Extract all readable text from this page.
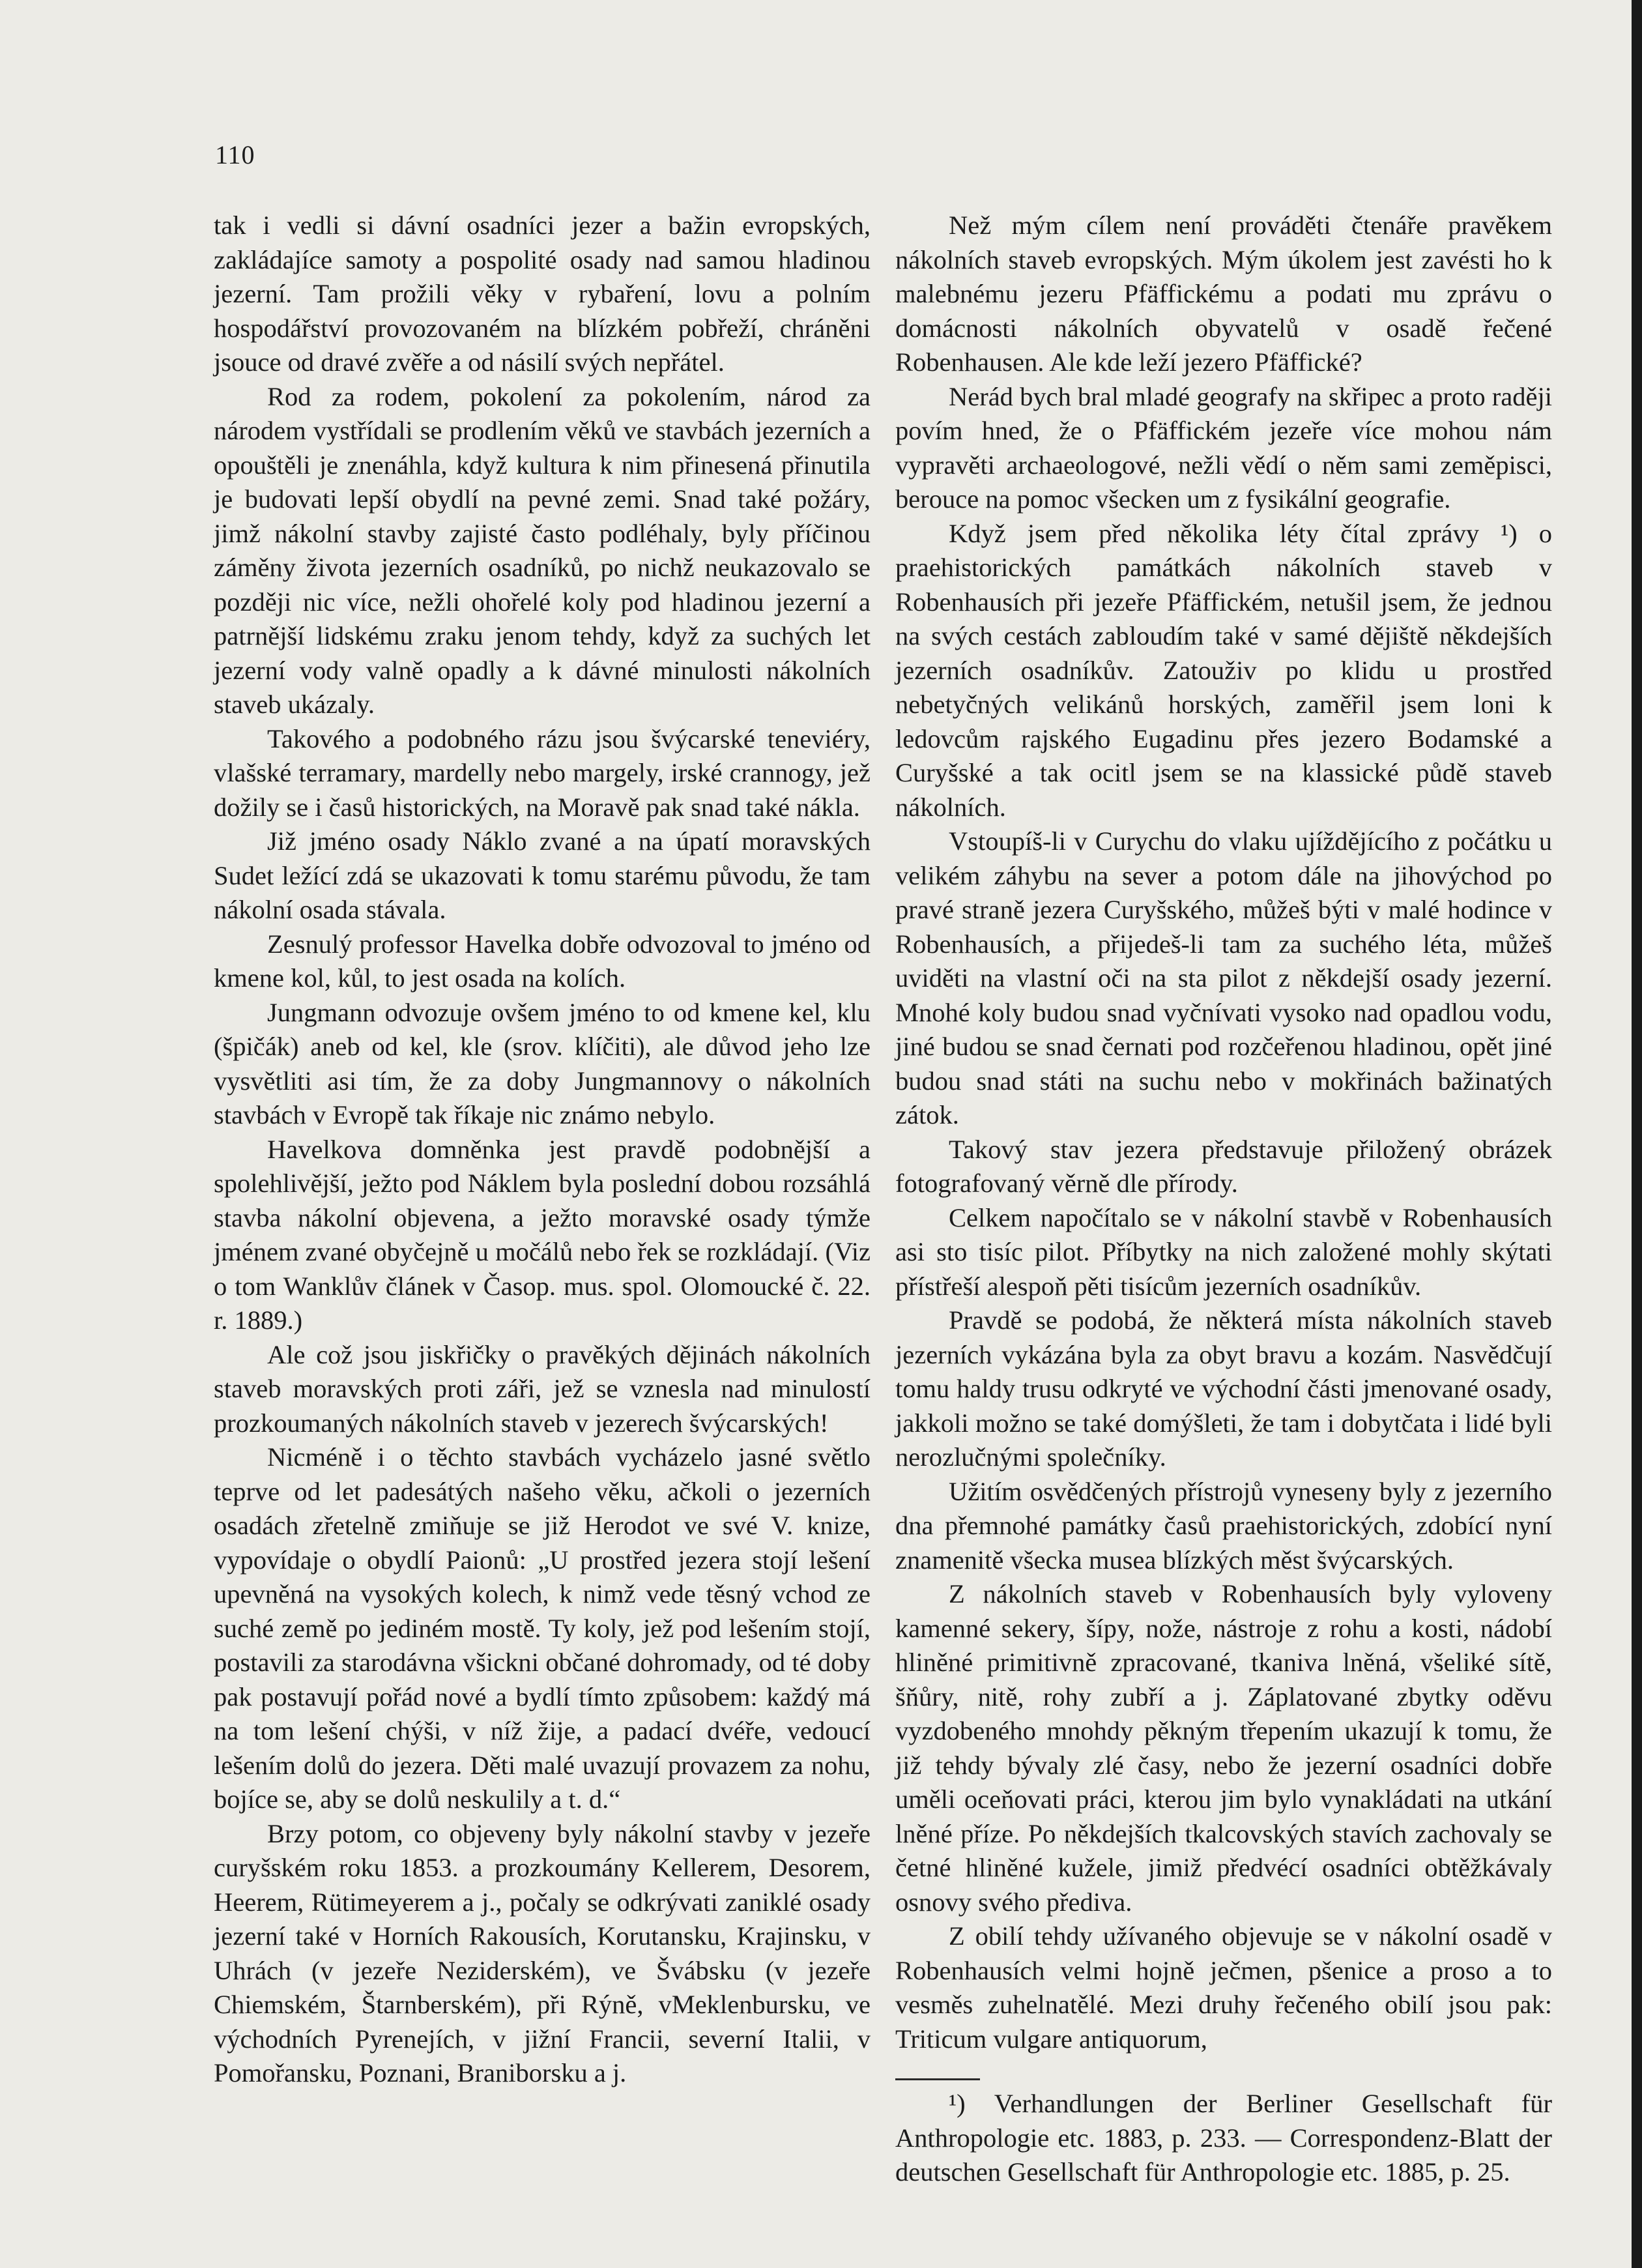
110

tak i vedli si dávní osadníci jezer a bažin evropských, zakládajíce samoty a pospolité osady nad samou hladinou jezerní. Tam prožili věky v rybaření, lovu a polním hospodářství provozovaném na blízkém pobřeží, chráněni jsouce od dravé zvěře a od násilí svých nepřátel.

Rod za rodem, pokolení za pokolením, národ za národem vystřídali se prodlením věků ve stavbách jezerních a opouštěli je znenáhla, když kultura k nim přinesená přinutila je budovati lepší obydlí na pevné zemi. Snad také požáry, jimž nákolní stavby zajisté často podléhaly, byly příčinou záměny života jezerních osadníků, po nichž neukazovalo se později nic více, nežli ohořelé koly pod hladinou jezerní a patrnější lidskému zraku jenom tehdy, když za suchých let jezerní vody valně opadly a k dávné minulosti nákolních staveb ukázaly.

Takového a podobného rázu jsou švýcarské teneviéry, vlašské terramary, mardelly nebo margely, irské crannogy, jež dožily se i časů historických, na Moravě pak snad také nákla.

Již jméno osady Náklo zvané a na úpatí moravských Sudet ležící zdá se ukazovati k tomu starému původu, že tam nákolní osada stávala.

Zesnulý professor Havelka dobře odvozoval to jméno od kmene kol, kůl, to jest osada na kolích.

Jungmann odvozuje ovšem jméno to od kmene kel, klu (špičák) aneb od kel, kle (srov. klíčiti), ale důvod jeho lze vysvětliti asi tím, že za doby Jungmannovy o nákolních stavbách v Evropě tak říkaje nic známo nebylo.

Havelkova domněnka jest pravdě podobnější a spolehlivější, ježto pod Náklem byla poslední dobou rozsáhlá stavba nákolní objevena, a ježto moravské osady týmže jménem zvané obyčejně u močálů nebo řek se rozkládají. (Viz o tom Wanklův článek v Časop. mus. spol. Olomoucké č. 22. r. 1889.)

Ale což jsou jiskřičky o pravěkých dějinách nákolních staveb moravských proti záři, jež se vznesla nad minulostí prozkoumaných nákolních staveb v jezerech švýcarských!

Nicméně i o těchto stavbách vycházelo jasné světlo teprve od let padesátých našeho věku, ačkoli o jezerních osadách zřetelně zmiňuje se již Herodot ve své V. knize, vypovídaje o obydlí Paionů: „U prostřed jezera stojí lešení upevněná na vysokých kolech, k nimž vede těsný vchod ze suché země po jediném mostě. Ty koly, jež pod lešením stojí, postavili za starodávna všickni občané dohromady, od té doby pak postavují pořád nové a bydlí tímto způsobem: každý má na tom lešení chýši, v níž žije, a padací dvéře, vedoucí lešením dolů do jezera. Děti malé uvazují provazem za nohu, bojíce se, aby se dolů neskulily a t. d.“

Brzy potom, co objeveny byly nákolní stavby v jezeře curyšském roku 1853. a prozkoumány Kellerem, Desorem, Heerem, Rütimeyerem a j., počaly se odkrývati zaniklé osady jezerní také v Horních Rakousích, Korutansku, Krajinsku, v Uhrách (v jezeře Neziderském), ve Švábsku (v jezeře Chiemském, Štarnberském), při Rýně, vMeklenbursku, ve východních Pyrenejích, v jižní Francii, severní Italii, v Pomořansku, Poznani, Braniborsku a j.

Než mým cílem není prováděti čtenáře pravěkem nákolních staveb evropských. Mým úkolem jest zavésti ho k malebnému jezeru Pfäffickému a podati mu zprávu o domácnosti nákolních obyvatelů v osadě řečené Robenhausen. Ale kde leží jezero Pfäffické?

Nerád bych bral mladé geografy na skřipec a proto raději povím hned, že o Pfäffickém jezeře více mohou nám vypravěti archaeologové, nežli vědí o něm sami zeměpisci, berouce na pomoc všecken um z fysikální geografie.

Když jsem před několika léty čítal zprávy ¹) o praehistorických památkách nákolních staveb v Robenhausích při jezeře Pfäffickém, netušil jsem, že jednou na svých cestách zabloudím také v samé dějiště někdejších jezerních osadníkův. Zatouživ po klidu u prostřed nebetyčných velikánů horských, zaměřil jsem loni k ledovcům rajského Eugadinu přes jezero Bodamské a Curyšské a tak ocitl jsem se na klassické půdě staveb nákolních.

Vstoupíš-li v Curychu do vlaku ujíždějícího z počátku u velikém záhybu na sever a potom dále na jihovýchod po pravé straně jezera Curyšského, můžeš býti v malé hodince v Robenhausích, a přijedeš-li tam za suchého léta, můžeš uviděti na vlastní oči na sta pilot z někdejší osady jezerní. Mnohé koly budou snad vyčnívati vysoko nad opadlou vodu, jiné budou se snad černati pod rozčeřenou hladinou, opět jiné budou snad státi na suchu nebo v mokřinách bažinatých zátok.

Takový stav jezera představuje přiložený obrázek fotografovaný věrně dle přírody.

Celkem napočítalo se v nákolní stavbě v Robenhausích asi sto tisíc pilot. Příbytky na nich založené mohly skýtati přístřeší alespoň pěti tisícům jezerních osadníkův.

Pravdě se podobá, že některá místa nákolních staveb jezerních vykázána byla za obyt bravu a kozám. Nasvědčují tomu haldy trusu odkryté ve východní části jmenované osady, jakkoli možno se také domýšleti, že tam i dobytčata i lidé byli nerozlučnými společníky.

Užitím osvědčených přístrojů vyneseny byly z jezerního dna přemnohé památky časů praehistorických, zdobící nyní znamenitě všecka musea blízkých měst švýcarských.

Z nákolních staveb v Robenhausích byly vyloveny kamenné sekery, šípy, nože, nástroje z rohu a kosti, nádobí hliněné primitivně zpracované, tkaniva lněná, všeliké sítě, šňůry, nitě, rohy zubří a j. Záplatované zbytky oděvu vyzdobeného mnohdy pěkným třepením ukazují k tomu, že již tehdy bývaly zlé časy, nebo že jezerní osadníci dobře uměli oceňovati práci, kterou jim bylo vynakládati na utkání lněné příze. Po někdejších tkalcovských stavích zachovaly se četné hliněné kužele, jimiž předvécí osadníci obtěžkávaly osnovy svého přediva.

Z obilí tehdy užívaného objevuje se v nákolní osadě v Robenhausích velmi hojně ječmen, pšenice a proso a to vesměs zuhelnatělé. Mezi druhy řečeného obilí jsou pak: Triticum vulgare antiquorum,

¹) Verhandlungen der Berliner Gesellschaft für Anthropologie etc. 1883, p. 233. — Correspondenz-Blatt der deutschen Gesellschaft für Anthropologie etc. 1885, p. 25.
